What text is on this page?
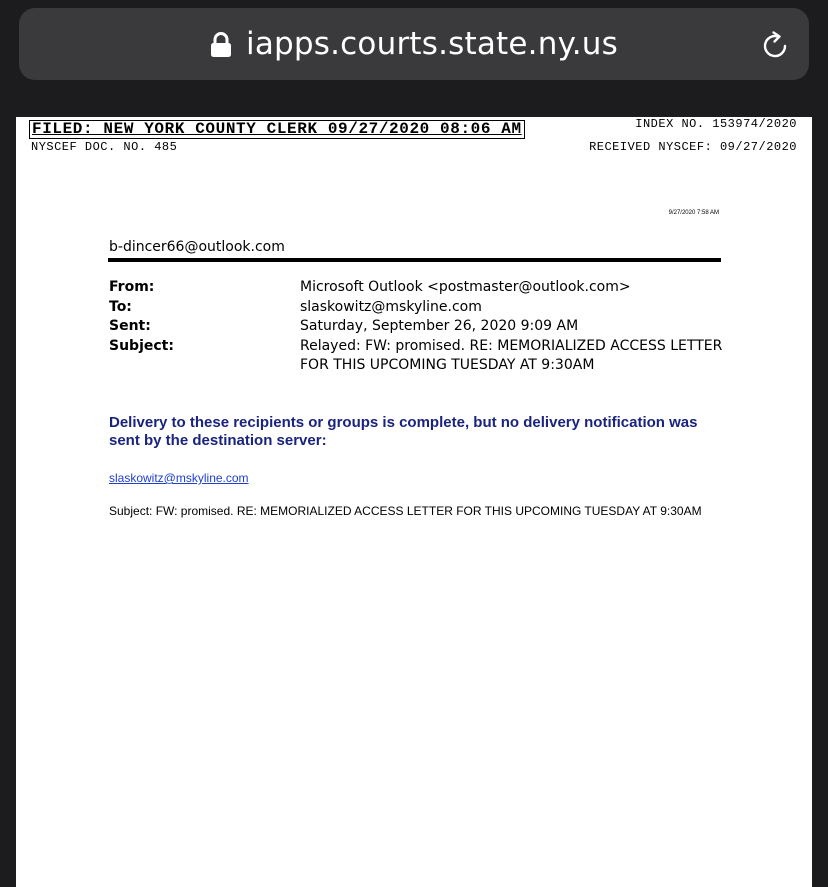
iapps.courts.state.ny.us
FILED: NEW YORK COUNTY CLERK 09/27/2020 08:06 AM	INDEX NO. 153974/2020
NYSCEF DOC. NO. 485	RECEIVED NYSCEF: 09/27/2020
9/27/2020 7:58 AM
b-dincer66@outlook.com
From:	Microsoft Outlook <postmaster@outlook.com>
To:	slaskowitz@mskyline.com
Sent:	Saturday, September 26, 2020 9:09 AM
Subject:	Relayed: FW: promised. RE: MEMORIALIZED ACCESS LETTER FOR THIS UPCOMING TUESDAY AT 9:30AM
Delivery to these recipients or groups is complete, but no delivery notification was sent by the destination server:
slaskowitz@mskyline.com
Subject: FW: promised. RE: MEMORIALIZED ACCESS LETTER FOR THIS UPCOMING TUESDAY AT 9:30AM
